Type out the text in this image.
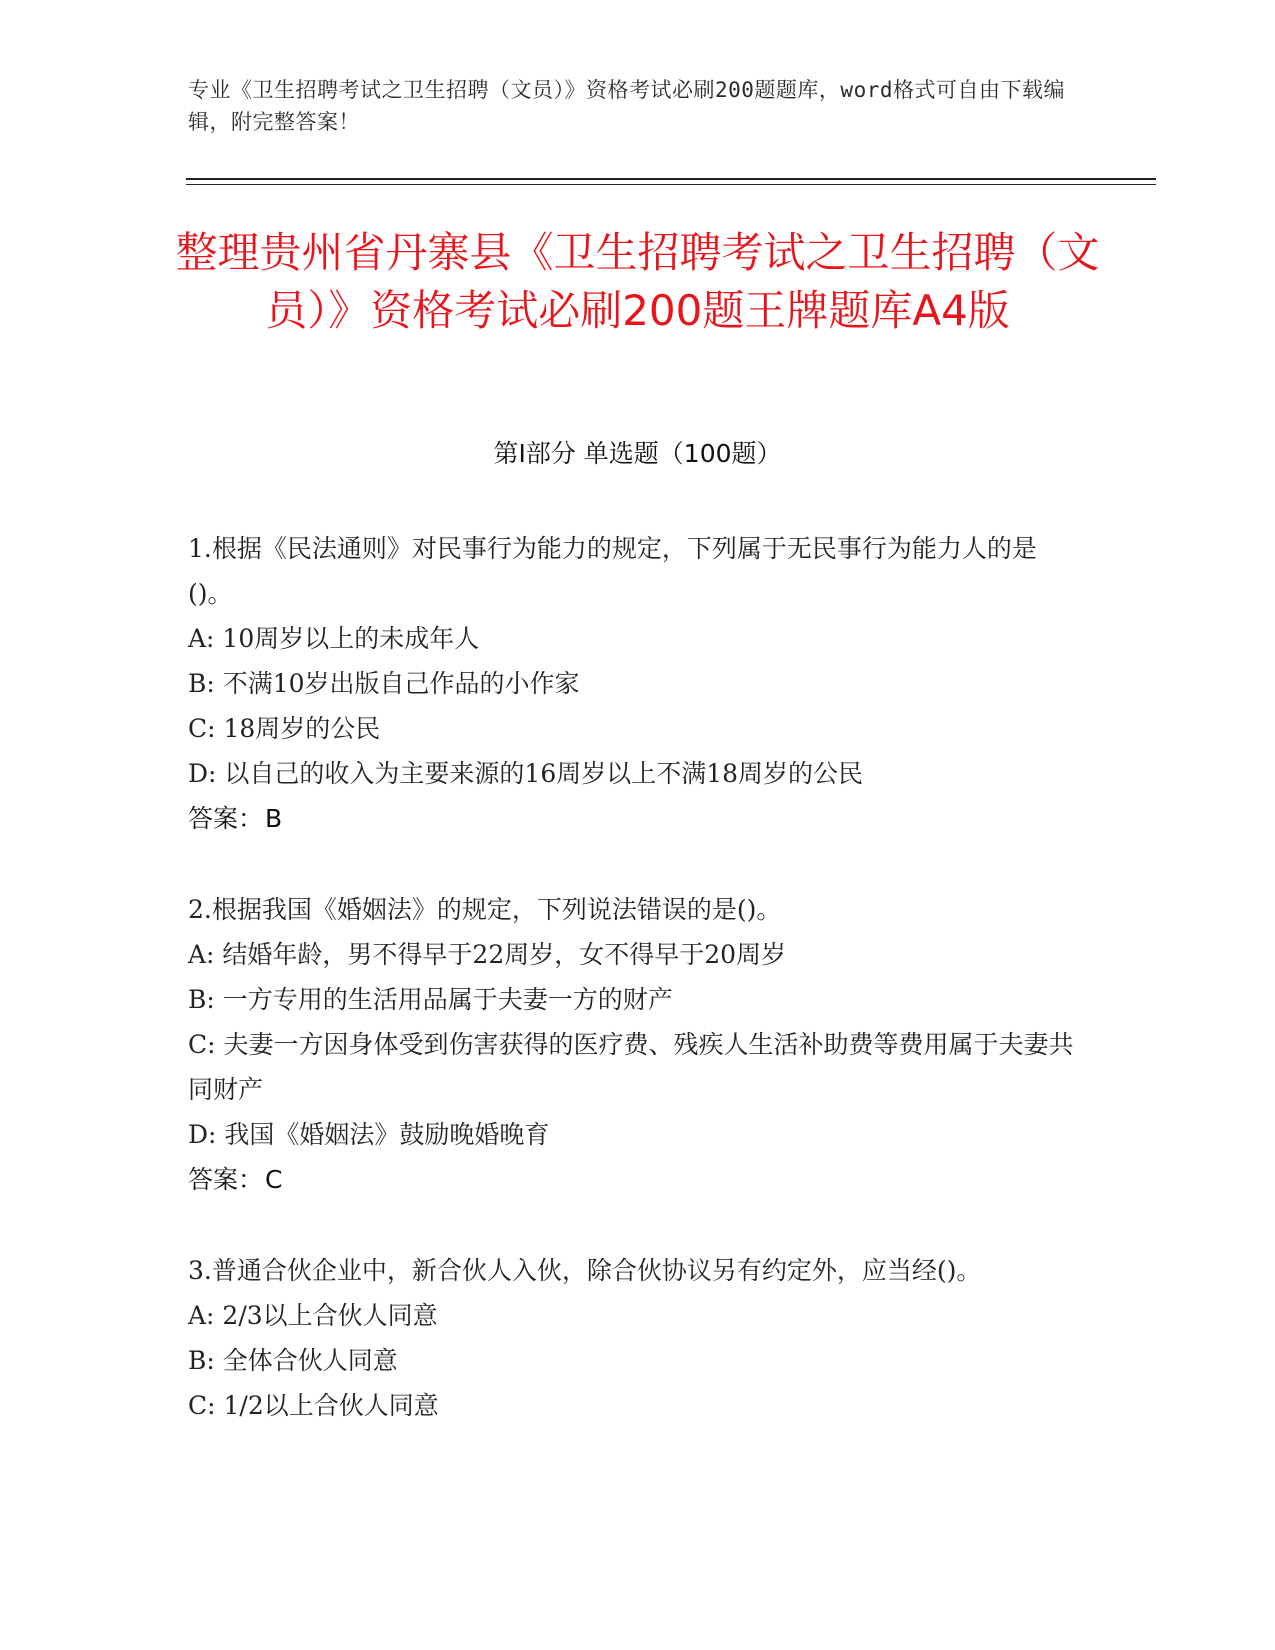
专业《卫生招聘考试之卫生招聘（文员）》资格考试必刷200题题库，word格式可自由下载编辑，附完整答案！
整理贵州省丹寨县《卫生招聘考试之卫生招聘（文员）》资格考试必刷200题王牌题库A4版
第I部分 单选题（100题）

1.根据《民法通则》对民事行为能力的规定，下列属于无民事行为能力人的是()。

A: 10周岁以上的未成年人

B: 不满10岁出版自己作品的小作家

C: 18周岁的公民

D: 以自己的收入为主要来源的16周岁以上不满18周岁的公民

答案：B

2.根据我国《婚姻法》的规定，下列说法错误的是()。

A: 结婚年龄，男不得早于22周岁，女不得早于20周岁

B: 一方专用的生活用品属于夫妻一方的财产

C: 夫妻一方因身体受到伤害获得的医疗费、残疾人生活补助费等费用属于夫妻共同财产

D: 我国《婚姻法》鼓励晚婚晚育

答案：C

3.普通合伙企业中，新合伙人入伙，除合伙协议另有约定外，应当经()。

A: 2/3以上合伙人同意

B: 全体合伙人同意

C: 1/2以上合伙人同意
